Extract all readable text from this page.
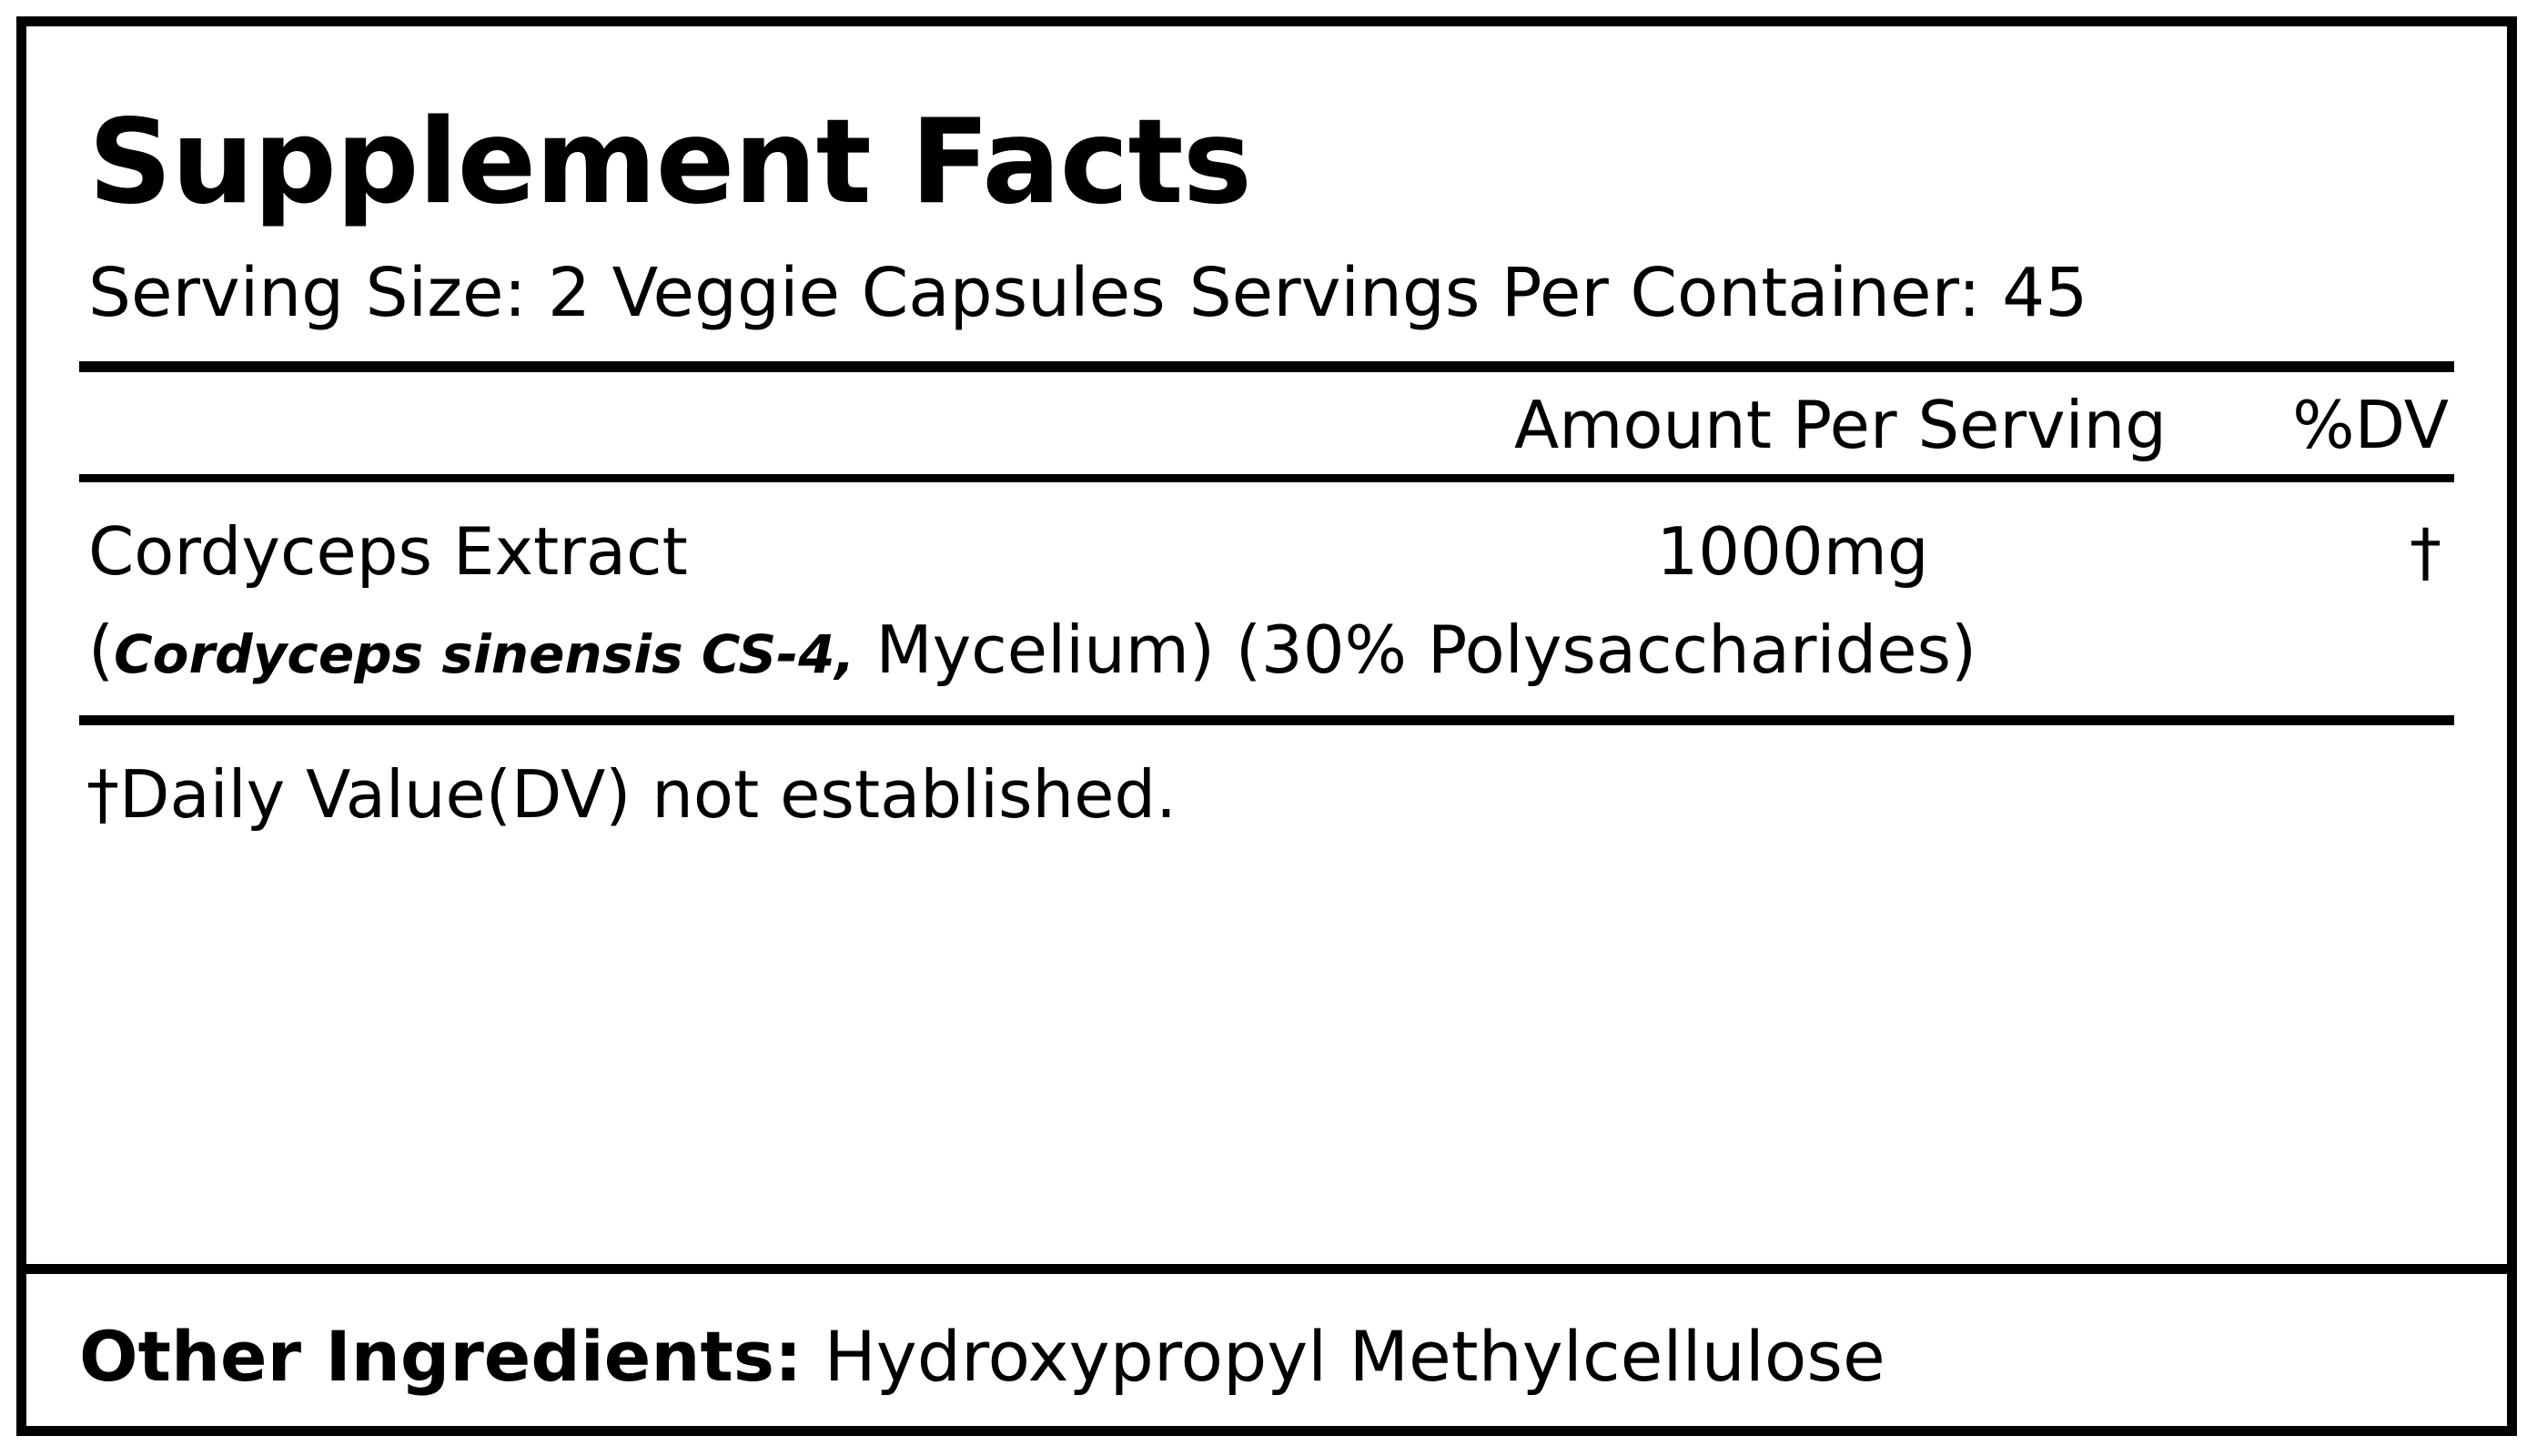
Supplement Facts
Serving Size: 2 Veggie Capsules Servings Per Container: 45
Amount Per Serving	%DV
Cordyceps Extract	1000mg	†
(Cordyceps sinensis CS-4, Mycelium) (30% Polysaccharides)
†Daily Value(DV) not established.
Other Ingredients: Hydroxypropyl Methylcellulose
